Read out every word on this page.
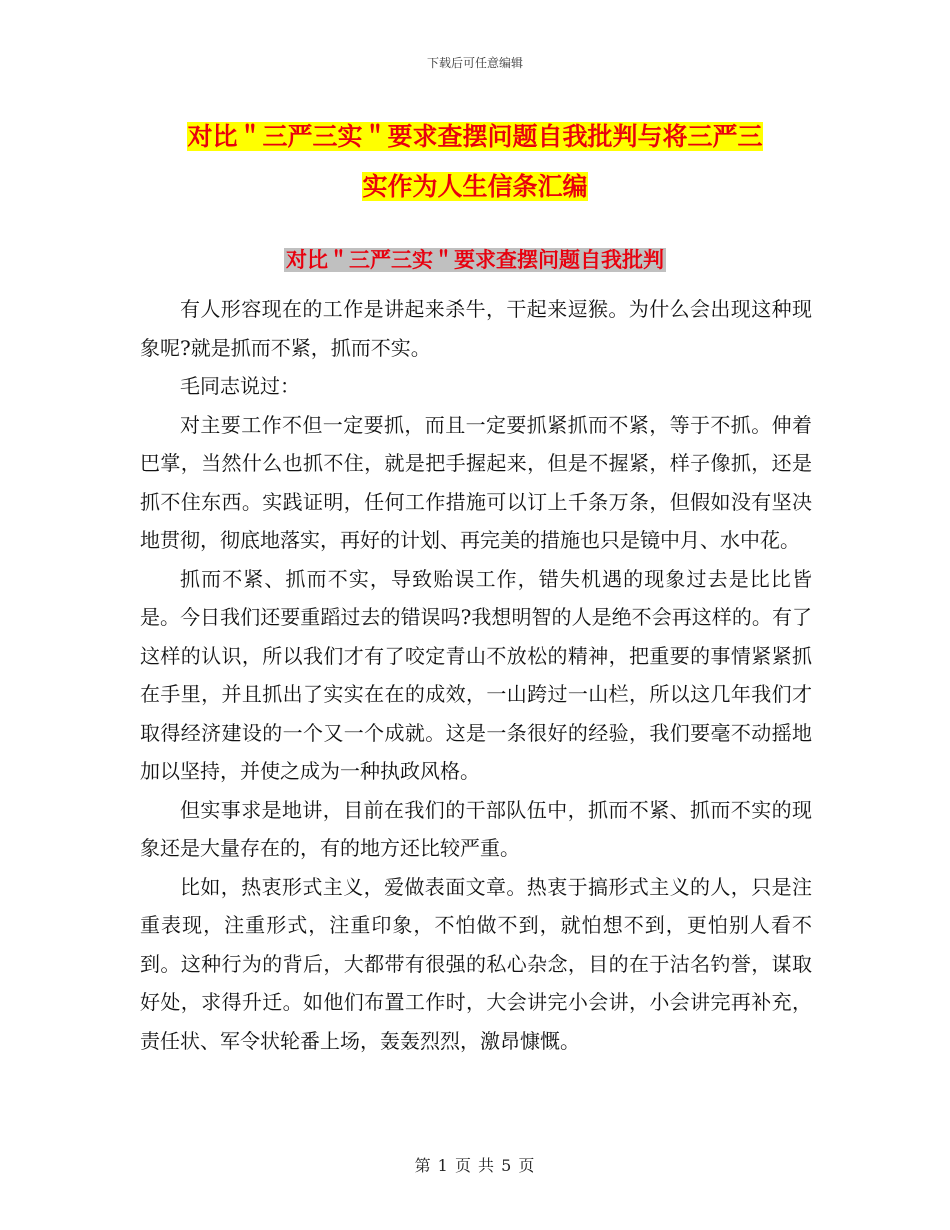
下载后可任意编辑
对比＂三严三实＂要求查摆问题自我批判与将三严三
实作为人生信条汇编
对比＂三严三实＂要求查摆问题自我批判

有人形容现在的工作是讲起来杀牛，干起来逗猴。为什么会出现这种现象呢?就是抓而不紧，抓而不实。

毛同志说过：

对主要工作不但一定要抓，而且一定要抓紧抓而不紧，等于不抓。伸着巴掌，当然什么也抓不住，就是把手握起来，但是不握紧，样子像抓，还是抓不住东西。实践证明，任何工作措施可以订上千条万条，但假如没有坚决地贯彻，彻底地落实，再好的计划、再完美的措施也只是镜中月、水中花。

抓而不紧、抓而不实，导致贻误工作，错失机遇的现象过去是比比皆是。今日我们还要重蹈过去的错误吗?我想明智的人是绝不会再这样的。有了这样的认识，所以我们才有了咬定青山不放松的精神，把重要的事情紧紧抓在手里，并且抓出了实实在在的成效，一山跨过一山栏，所以这几年我们才取得经济建设的一个又一个成就。这是一条很好的经验，我们要毫不动摇地加以坚持，并使之成为一种执政风格。

但实事求是地讲，目前在我们的干部队伍中，抓而不紧、抓而不实的现象还是大量存在的，有的地方还比较严重。

比如，热衷形式主义，爱做表面文章。热衷于搞形式主义的人，只是注重表现，注重形式，注重印象，不怕做不到，就怕想不到，更怕别人看不到。这种行为的背后，大都带有很强的私心杂念，目的在于沽名钓誉，谋取好处，求得升迁。如他们布置工作时，大会讲完小会讲，小会讲完再补充，责任状、军令状轮番上场，轰轰烈烈，激昂慷慨。

第 1 页 共 5 页
